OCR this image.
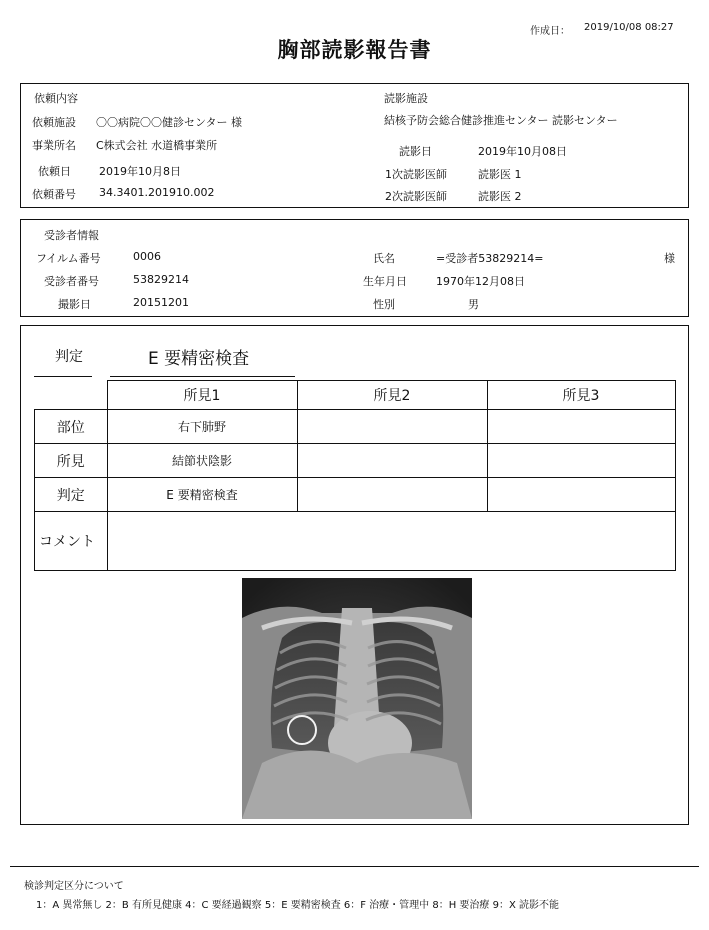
作成日： 2019/10/08 08:27
胸部読影報告書
依頼内容	読影施設
依頼施設 〇〇病院〇〇健診センター 様	結核予防会総合健診推進センター 読影センター
事業所名 C株式会社 水道橋事業所
依頼日	2019年10月8日
読影日	2019年10月08日
1次読影医師	読影医 1
依頼番号 34.3401.201910.002	2次読影医師	読影医 2
受診者情報
フイルム番号	0006	氏名	=受診者53829214=	様
受診者番号	53829214	生年月日	1970年12月08日
撮影日	20151201	性別	男
判定	E 要精密検査
	所見1	所見2	所見3
部位	右下肺野		
所見	結節状陰影		
判定	E 要精密検査		
コメント			
検診判定区分について
1：A 異常無し 2：B 有所見健康 4：C 要経過観察 5：E 要精密検査 6：F 治療・管理中 8：H 要治療 9：X 読影不能
